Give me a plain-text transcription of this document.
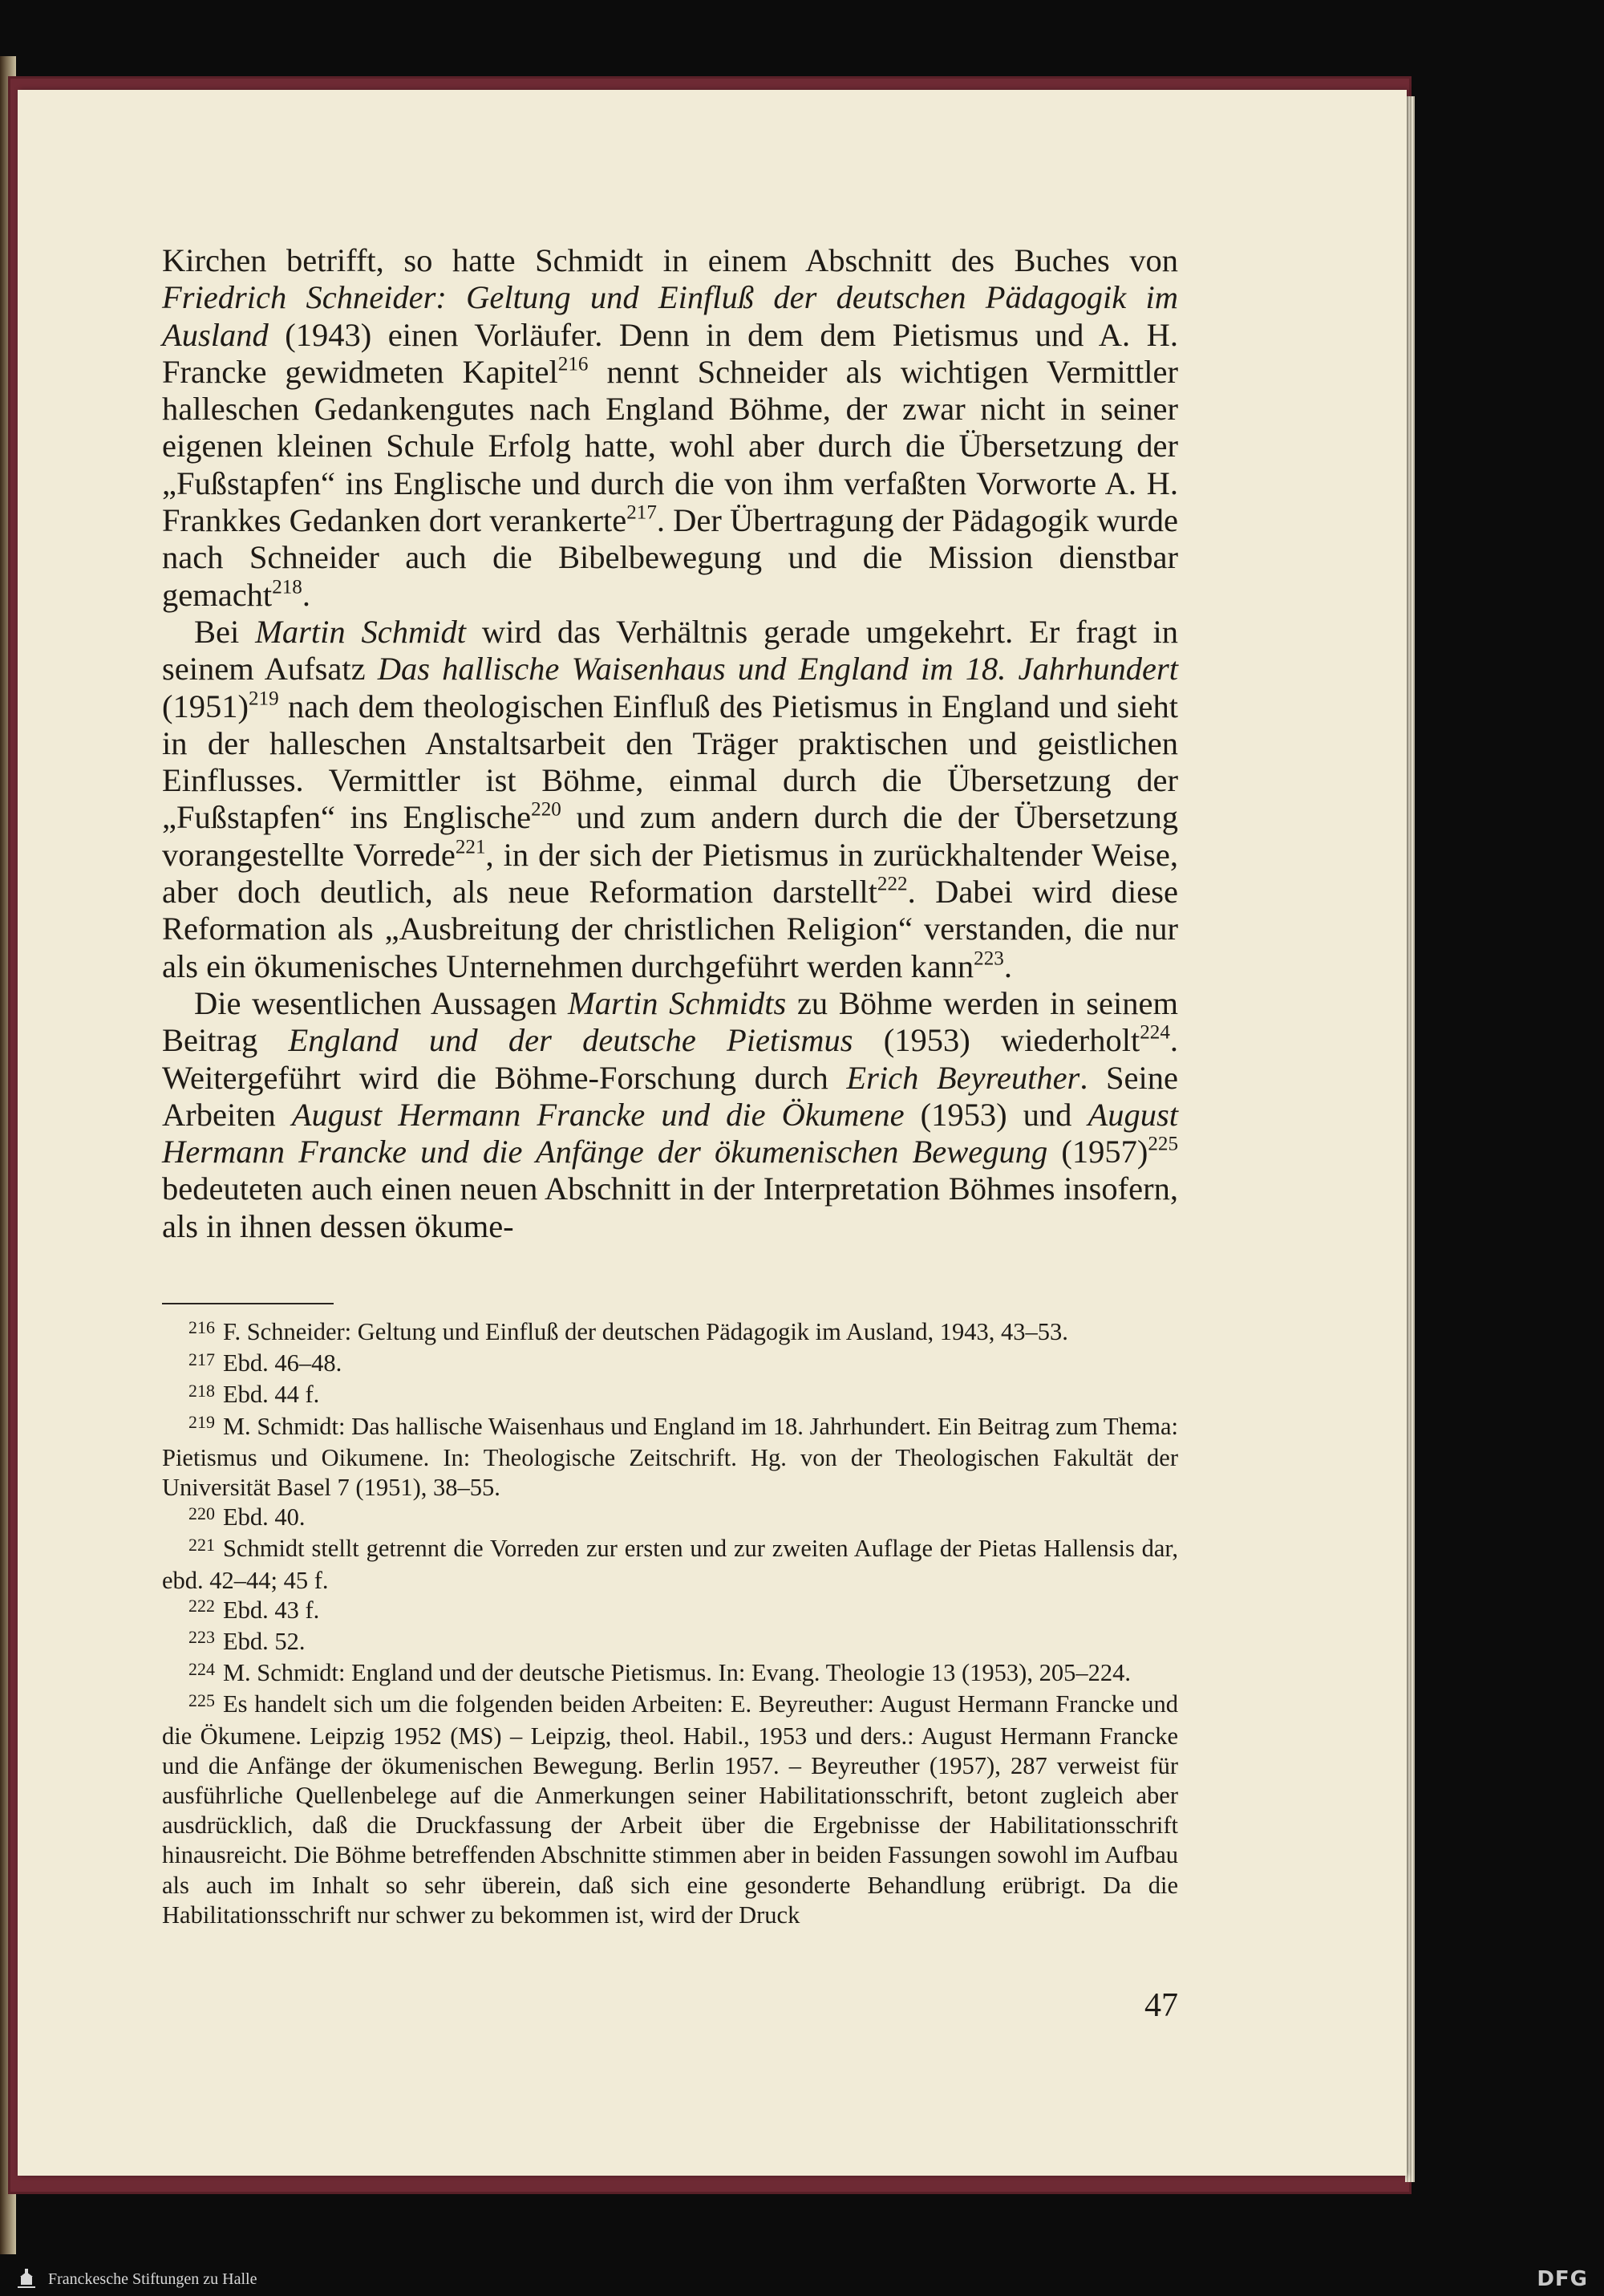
Kirchen betrifft, so hatte Schmidt in einem Abschnitt des Buches von Friedrich Schneider: Geltung und Einfluß der deutschen Pädagogik im Ausland (1943) einen Vorläufer. Denn in dem dem Pietismus und A. H. Francke gewidmeten Kapitel$^{216}$ nennt Schneider als wichtigen Vermittler halleschen Gedankengutes nach England Böhme, der zwar nicht in seiner eigenen kleinen Schule Erfolg hatte, wohl aber durch die Übersetzung der „Fußstapfen“ ins Englische und durch die von ihm verfaßten Vorworte A. H. Frankkes Gedanken dort verankerte$^{217}$. Der Übertragung der Pädagogik wurde nach Schneider auch die Bibelbewegung und die Mission dienstbar gemacht$^{218}$.

Bei Martin Schmidt wird das Verhältnis gerade umgekehrt. Er fragt in seinem Aufsatz Das hallische Waisenhaus und England im 18. Jahrhundert $(1951)^{219}$ nach dem theologischen Einfluß des Pietismus in England und sieht in der halleschen Anstaltsarbeit den Träger praktischen und geistlichen Einflusses. Vermittler ist Böhme, einmal durch die Übersetzung der „Fußstapfen“ ins Englische$^{220}$ und zum andern durch die der Übersetzung vorangestellte Vorrede$^{221}$, in der sich der Pietismus in zurückhaltender Weise, aber doch deutlich, als neue Reformation darstellt$^{222}$. Dabei wird diese Reformation als „Ausbreitung der christlichen Religion“ verstanden, die nur als ein ökumenisches Unternehmen durchgeführt werden kann$^{223}$.

Die wesentlichen Aussagen Martin Schmidts zu Böhme werden in seinem Beitrag England und der deutsche Pietismus (1953) wiederholt$^{224}$. Weitergeführt wird die Böhme-Forschung durch Erich Beyreuther. Seine Arbeiten August Hermann Francke und die Ökumene (1953) und August Hermann Francke und die Anfänge der ökumenischen Bewegung $(1957)^{225}$ bedeuteten auch einen neuen Abschnitt in der Interpretation Böhmes insofern, als in ihnen dessen ökume-

$^{216}$ F. Schneider: Geltung und Einfluß der deutschen Pädagogik im Ausland, 1943, 43–53.

$^{217}$ Ebd. 46–48.

$^{218}$ Ebd. 44 f.

$^{219}$ M. Schmidt: Das hallische Waisenhaus und England im 18. Jahrhundert. Ein Beitrag zum Thema: Pietismus und Oikumene. In: Theologische Zeitschrift. Hg. von der Theologischen Fakultät der Universität Basel 7 (1951), 38–55.

$^{220}$ Ebd. 40.

$^{221}$ Schmidt stellt getrennt die Vorreden zur ersten und zur zweiten Auflage der Pietas Hallensis dar, ebd. 42–44; 45 f.

$^{222}$ Ebd. 43 f.

$^{223}$ Ebd. 52.

$^{224}$ M. Schmidt: England und der deutsche Pietismus. In: Evang. Theologie 13 (1953), 205–224.

$^{225}$ Es handelt sich um die folgenden beiden Arbeiten: E. Beyreuther: August Hermann Francke und die Ökumene. Leipzig 1952 (MS) – Leipzig, theol. Habil., 1953 und ders.: August Hermann Francke und die Anfänge der ökumenischen Bewegung. Berlin 1957. – Beyreuther (1957), 287 verweist für ausführliche Quellenbelege auf die Anmerkungen seiner Habilitationsschrift, betont zugleich aber ausdrücklich, daß die Druckfassung der Arbeit über die Ergebnisse der Habilitationsschrift hinausreicht. Die Böhme betreffenden Abschnitte stimmen aber in beiden Fassungen sowohl im Aufbau als auch im Inhalt so sehr überein, daß sich eine gesonderte Behandlung erübrigt. Da die Habilitationsschrift nur schwer zu bekommen ist, wird der Druck

47
Franckesche Stiftungen zu Halle	DFG
